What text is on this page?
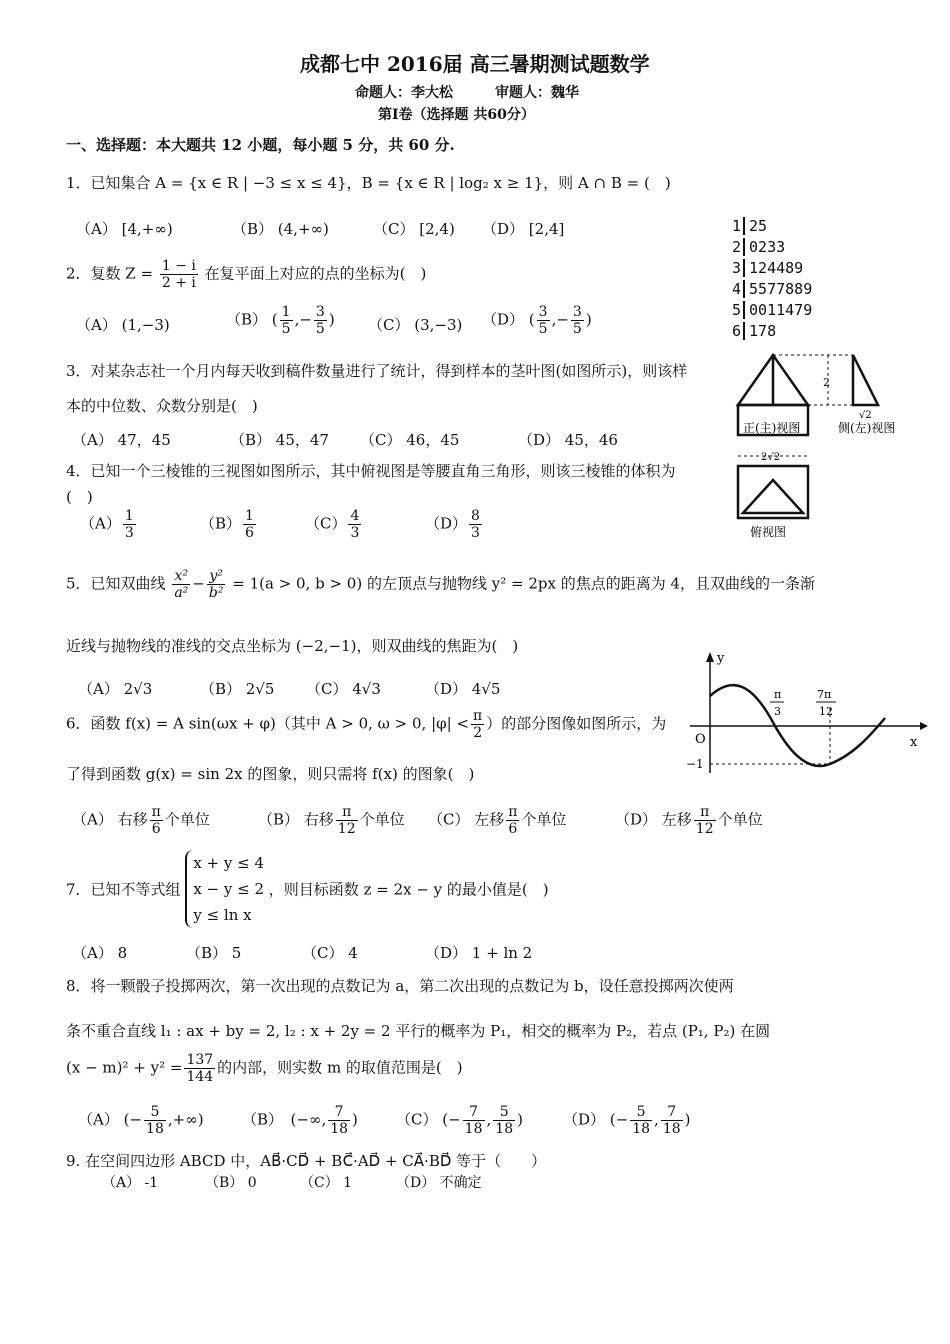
成都七中 2016届 高三暑期测试题数学
命题人：李大松　　　审题人：魏华
第Ⅰ卷（选择题 共60分）
一、选择题：本大题共 12 小题，每小题 5 分，共 60 分.
1．已知集合 A = {x ∈ R | −3 ≤ x ≤ 4}，B = {x ∈ R | log₂ x ≥ 1}，则 A ∩ B = (　)
（A） [4,+∞)	（B） (4,+∞)	（C） [2,4) （D） [2,4]
2．复数 $Z = \frac{1 - i}{2 + i}$ 在复平面上对应的点的坐标为(　)
（A） (1,−3)	（B） ( $\frac{1}{5}$ ,− $\frac{3}{5}$ ) （C） (3,−3) （D） ( $\frac{3}{5}$ ,− $\frac{3}{5}$ )
1 25
2 0233
3 124489
4 5577889
5 0011479
6 178
2
√2
正(主)视图	侧(左)视图
2√2
俯视图
3．对某杂志社一个月内每天收到稿件数量进行了统计，得到样本的茎叶图(如图所示)，则该样
本的中位数、众数分别是(　)
（A） 47，45	（B） 45，47 （C） 46，45	（D） 45，46
4．已知一个三棱锥的三视图如图所示，其中俯视图是等腰直角三角形，则该三棱锥的体积为
(　)
$(A) \frac{1}{3}$	$(B) \frac{1}{6}$	$(C) \frac{4}{3}$	$(D) \frac{8}{3}$
5．已知双曲线 $\frac{\text{x²}}{\text{a²}} - \frac{\text{y²}}{\text{b²}} = 1(a > 0$, b > 0) 的左顶点与抛物线 y² = 2px 的焦点的距离为 4，且双曲线的一条渐
近线与抛物线的准线的交点坐标为 (−2,−1)，则双曲线的焦距为(　)
（A） 2√3	（B） 2√5 （C） 4√3	（D） 4√5
y
x
O
−1
π
3
7π
12
6．函数 f(x) = A sin(ωx + φ)（其中 A > 0, ω > 0, $|\varphi| < \frac{\pi}{2}$ ）的部分图像如图所示，为
了得到函数 g(x) = sin 2x 的图象，则只需将 f(x) 的图象(　)
（A） 右移 $\frac{\pi}{6}$ 个单位	（B） 右移 $\frac{\pi}{12}$ 个单位 （C） 左移 $\frac{\pi}{6}$ 个单位	（D） 左移 $\frac{\pi}{12}$ 个单位
7．已知不等式组
x + y ≤ 4
x − y ≤ 2
y ≤ ln x
，则目标函数 z = 2x − y 的最小值是(　)
（A） 8	（B） 5	（C） 4	（D） 1 + ln 2
8．将一颗骰子投掷两次，第一次出现的点数记为 a，第二次出现的点数记为 b，设任意投掷两次使两
条不重合直线 l₁ : ax + by = 2, l₂ : x + 2y = 2 平行的概率为 P₁，相交的概率为 P₂，若点 (P₁, P₂) 在圆
$(x - m)^2 + y^2 = \frac{137}{144}$ 的内部，则实数 m 的取值范围是(　)
（A） (− $\frac{5}{18}$ ,+∞)	（B）　(−∞, $\frac{7}{18}$ )	（C） (− $\frac{7}{18}$ , $\frac{5}{18}$ )	（D） (− $\frac{5}{18}$ , $\frac{7}{18}$ )
9. 在空间四边形 ABCD 中，AB⃗·CD⃗ + BC⃗·AD⃗ + CA⃗·BD⃗ 等于（　　）
（A） -1	（B） 0	（C） 1	（D） 不确定
